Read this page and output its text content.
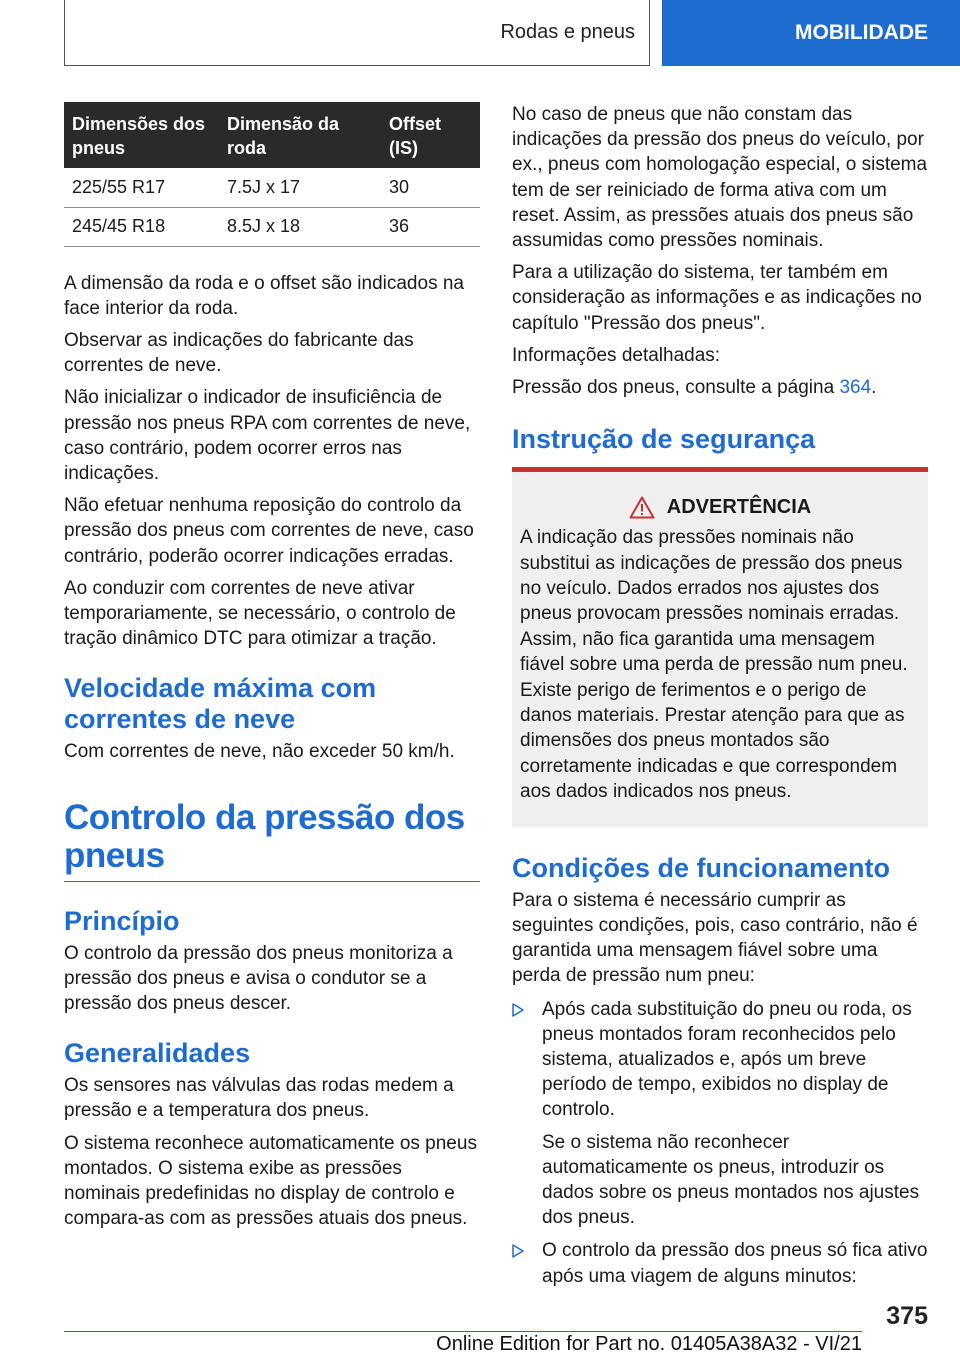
Rodas e pneus	MOBILIDADE
Dimensões dos pneus	Dimensão da roda	Offset (IS)
225/55 R17	7.5J x 17	30
245/45 R18	8.5J x 18	36

A dimensão da roda e o offset são indicados na face interior da roda.

Observar as indicações do fabricante das correntes de neve.

Não inicializar o indicador de insuficiência de pressão nos pneus RPA com correntes de neve, caso contrário, podem ocorrer erros nas indicações.

Não efetuar nenhuma reposição do controlo da pressão dos pneus com correntes de neve, caso contrário, poderão ocorrer indicações erradas.

Ao conduzir com correntes de neve ativar temporariamente, se necessário, o controlo de tração dinâmico DTC para otimizar a tração.

Velocidade máxima com correntes de neve

Com correntes de neve, não exceder 50 km/h.

Controlo da pressão dos pneus
Princípio

O controlo da pressão dos pneus monitoriza a pressão dos pneus e avisa o condutor se a pressão dos pneus descer.

Generalidades

Os sensores nas válvulas das rodas medem a pressão e a temperatura dos pneus.

O sistema reconhece automaticamente os pneus montados. O sistema exibe as pressões nominais predefinidas no display de controlo e compara-as com as pressões atuais dos pneus.

No caso de pneus que não constam das indicações da pressão dos pneus do veículo, por ex., pneus com homologação especial, o sistema tem de ser reiniciado de forma ativa com um reset. Assim, as pressões atuais dos pneus são assumidas como pressões nominais.

Para a utilização do sistema, ter também em consideração as informações e as indicações no capítulo "Pressão dos pneus".

Informações detalhadas:

Pressão dos pneus, consulte a página 364.

Instrução de segurança
ADVERTÊNCIA

A indicação das pressões nominais não substitui as indicações de pressão dos pneus no veículo. Dados errados nos ajustes dos pneus provocam pressões nominais erradas. Assim, não fica garantida uma mensagem fiável sobre uma perda de pressão num pneu. Existe perigo de ferimentos e o perigo de danos materiais. Prestar atenção para que as dimensões dos pneus montados são corretamente indicadas e que correspondem aos dados indicados nos pneus.

Condições de funcionamento

Para o sistema é necessário cumprir as seguintes condições, pois, caso contrário, não é garantida uma mensagem fiável sobre uma perda de pressão num pneu:

Após cada substituição do pneu ou roda, os pneus montados foram reconhecidos pelo sistema, atualizados e, após um breve período de tempo, exibidos no display de controlo.

Se o sistema não reconhecer automaticamente os pneus, introduzir os dados sobre os pneus montados nos ajustes dos pneus.

O controlo da pressão dos pneus só fica ativo após uma viagem de alguns minutos:

375
Online Edition for Part no. 01405A38A32 - VI/21
